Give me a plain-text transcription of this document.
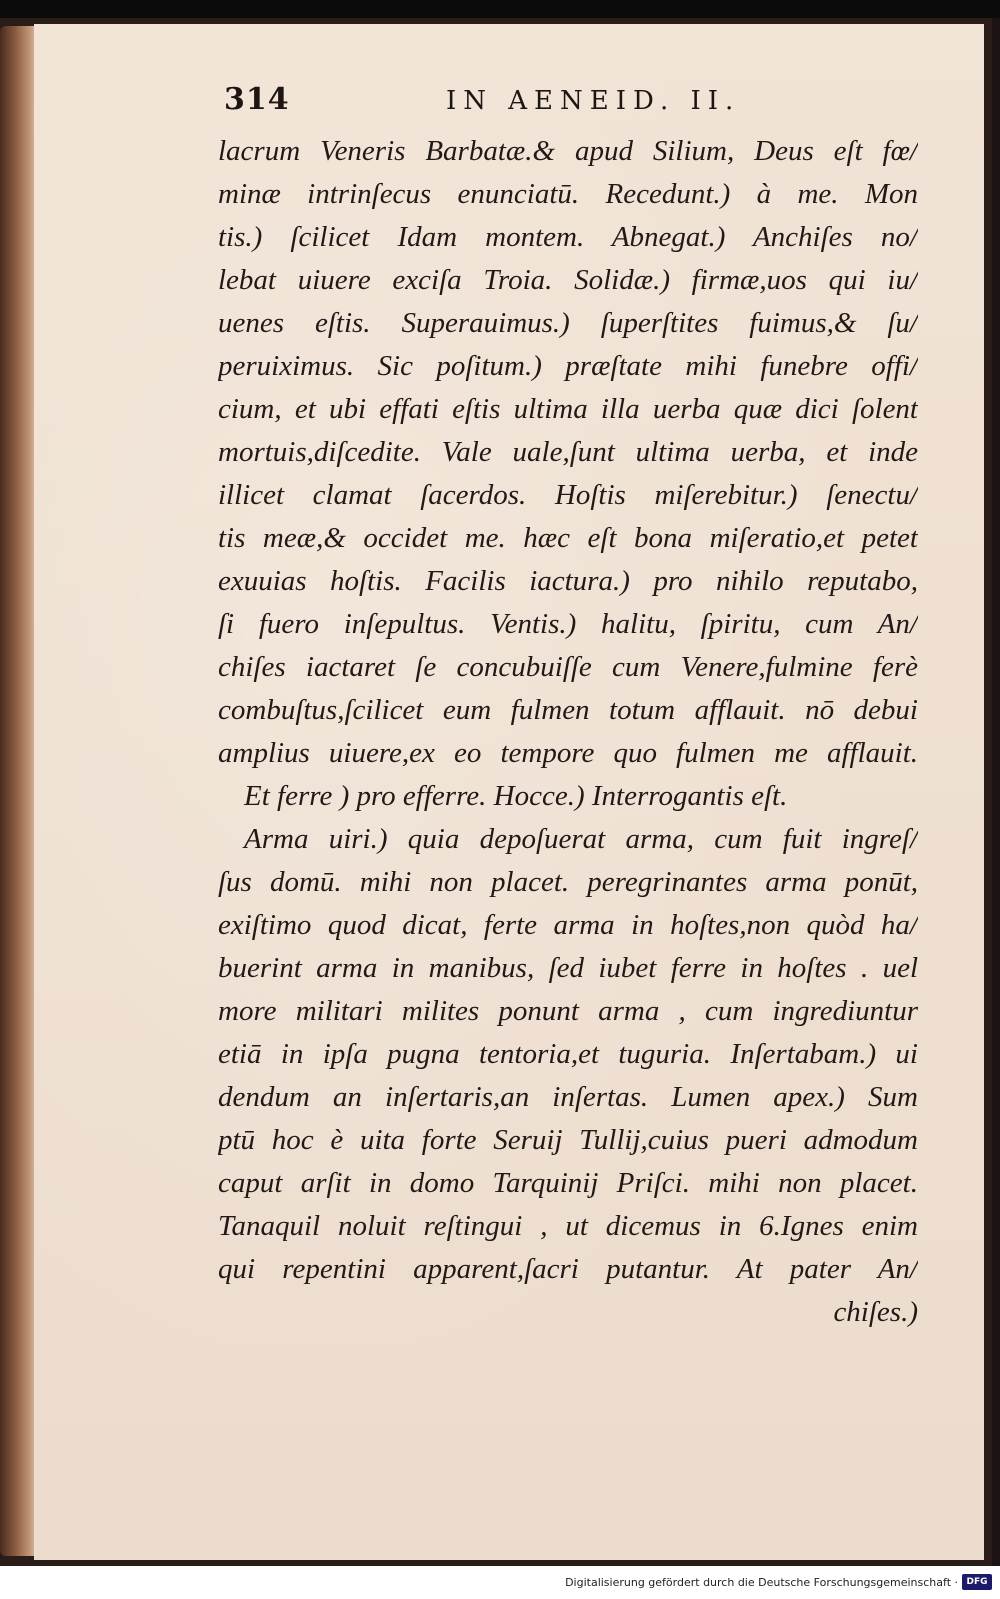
314	IN AENEID. II.
lacrum Veneris Barbatæ.& apud Silium, Deus eſt fœ/
minæ intrinſecus enunciatū. Recedunt.) à me. Mon
tis.) ſcilicet Idam montem. Abnegat.) Anchiſes no/
lebat uiuere exciſa Troia. Solidæ.) firmæ,uos qui iu/
uenes eſtis. Superauimus.) ſuperſtites fuimus,& ſu/
peruiximus. Sic poſitum.) præſtate mihi funebre offi/
cium, et ubi effati eſtis ultima illa uerba quæ dici ſolent
mortuis,diſcedite. Vale uale,ſunt ultima uerba, et inde
illicet clamat ſacerdos. Hoſtis miſerebitur.) ſenectu/
tis meæ,& occidet me. hæc eſt bona miſeratio,et petet
exuuias hoſtis. Facilis iactura.) pro nihilo reputabo,
ſi fuero inſepultus. Ventis.) halitu, ſpiritu, cum An/
chiſes iactaret ſe concubuiſſe cum Venere,fulmine ferè
combuſtus,ſcilicet eum fulmen totum afflauit. nō debui
amplius uiuere,ex eo tempore quo fulmen me afflauit.
Et ferre ) pro efferre. Hocce.) Interrogantis eſt.
Arma uiri.) quia depoſuerat arma, cum fuit ingreſ/
ſus domū. mihi non placet. peregrinantes arma ponūt,
exiſtimo quod dicat, ferte arma in hoſtes,non quòd ha/
buerint arma in manibus, ſed iubet ferre in hoſtes . uel
more militari milites ponunt arma , cum ingrediuntur
etiā in ipſa pugna tentoria,et tuguria. Inſertabam.) ui
dendum an inſertaris,an inſertas. Lumen apex.) Sum
ptū hoc è uita forte Seruij Tullij,cuius pueri admodum
caput arſit in domo Tarquinij Priſci. mihi non placet.
Tanaquil noluit reſtingui , ut dicemus in 6.Ignes enim
qui repentini apparent,ſacri putantur. At pater An/
chiſes.)
Digitalisierung gefördert durch die Deutsche Forschungsgemeinschaft · DFG
